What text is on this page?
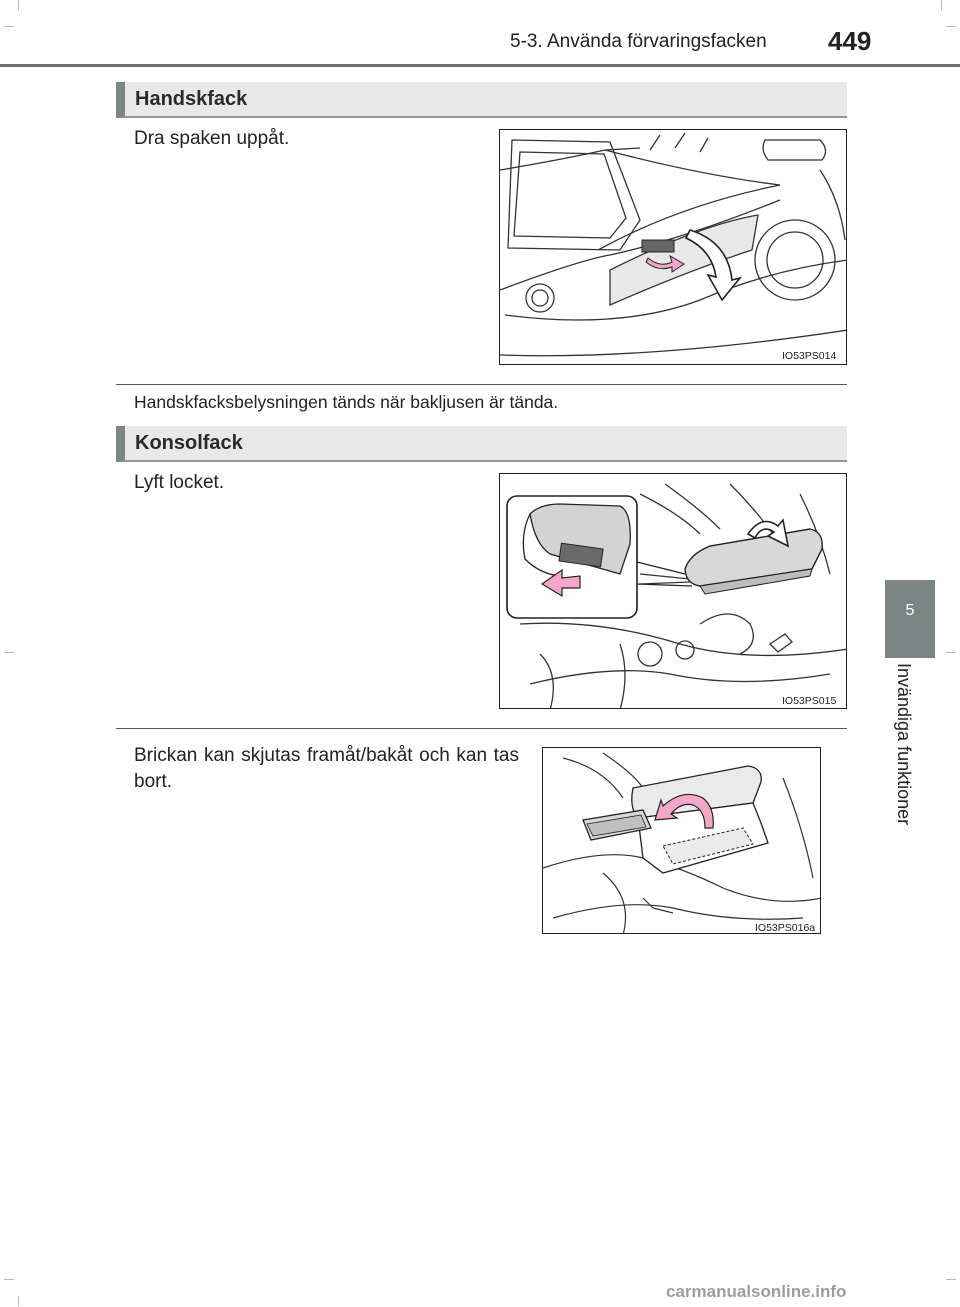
5-3. Använda förvaringsfacken 449
5
Invändiga funktioner
Handskfack
Dra spaken uppåt.
IO53PS014
Handskfacksbelysningen tänds när bakljusen är tända.
Konsolfack
Lyft locket.
IO53PS015
Brickan kan skjutas framåt/bakåt och kan tas bort.
IO53PS016a
carmanualsonline.info
